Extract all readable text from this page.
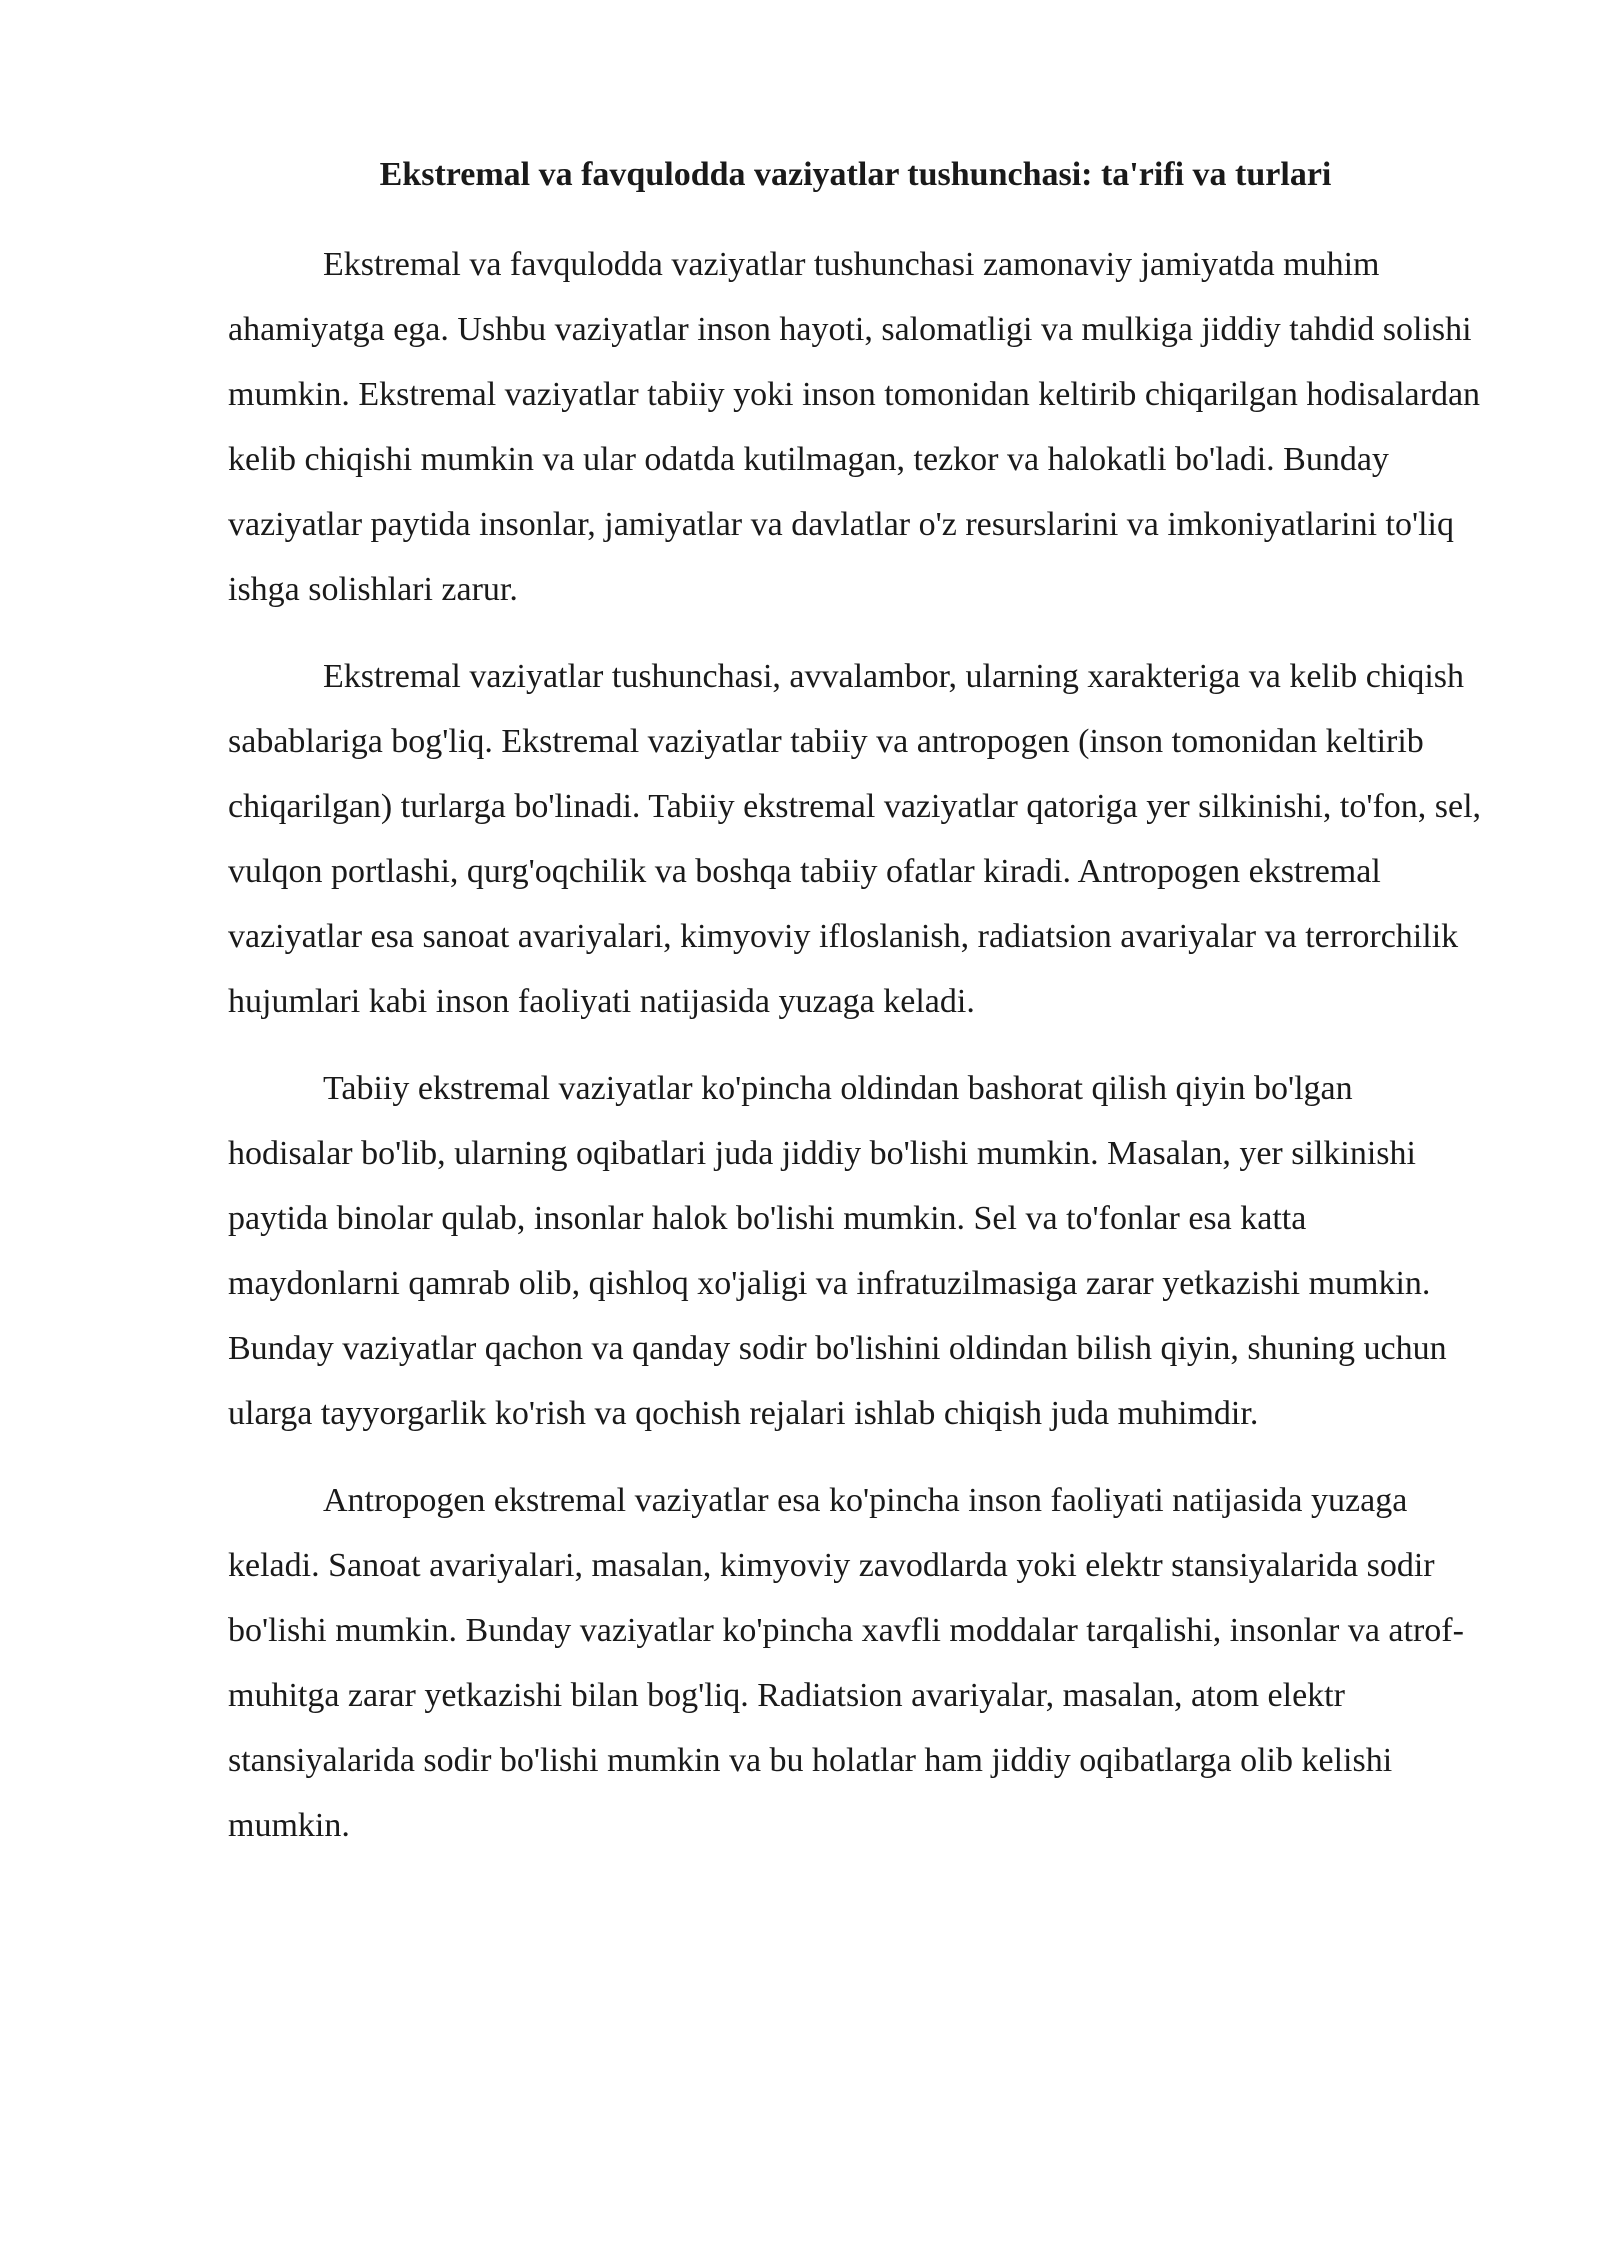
Ekstremal va favqulodda vaziyatlar tushunchasi: ta'rifi va turlari

Ekstremal va favqulodda vaziyatlar tushunchasi zamonaviy jamiyatda muhim ahamiyatga ega. Ushbu vaziyatlar inson hayoti, salomatligi va mulkiga jiddiy tahdid solishi mumkin. Ekstremal vaziyatlar tabiiy yoki inson tomonidan keltirib chiqarilgan hodisalardan kelib chiqishi mumkin va ular odatda kutilmagan, tezkor va halokatli bo'ladi. Bunday vaziyatlar paytida insonlar, jamiyatlar va davlatlar o'z resurslarini va imkoniyatlarini to'liq ishga solishlari zarur.

Ekstremal vaziyatlar tushunchasi, avvalambor, ularning xarakteriga va kelib chiqish sabablariga bog'liq. Ekstremal vaziyatlar tabiiy va antropogen (inson tomonidan keltirib chiqarilgan) turlarga bo'linadi. Tabiiy ekstremal vaziyatlar qatoriga yer silkinishi, to'fon, sel, vulqon portlashi, qurg'oqchilik va boshqa tabiiy ofatlar kiradi. Antropogen ekstremal vaziyatlar esa sanoat avariyalari, kimyoviy ifloslanish, radiatsion avariyalar va terrorchilik hujumlari kabi inson faoliyati natijasida yuzaga keladi.

Tabiiy ekstremal vaziyatlar ko'pincha oldindan bashorat qilish qiyin bo'lgan hodisalar bo'lib, ularning oqibatlari juda jiddiy bo'lishi mumkin. Masalan, yer silkinishi paytida binolar qulab, insonlar halok bo'lishi mumkin. Sel va to'fonlar esa katta maydonlarni qamrab olib, qishloq xo'jaligi va infratuzilmasiga zarar yetkazishi mumkin. Bunday vaziyatlar qachon va qanday sodir bo'lishini oldindan bilish qiyin, shuning uchun ularga tayyorgarlik ko'rish va qochish rejalari ishlab chiqish juda muhimdir.

Antropogen ekstremal vaziyatlar esa ko'pincha inson faoliyati natijasida yuzaga keladi. Sanoat avariyalari, masalan, kimyoviy zavodlarda yoki elektr stansiyalarida sodir bo'lishi mumkin. Bunday vaziyatlar ko'pincha xavfli moddalar tarqalishi, insonlar va atrof-muhitga zarar yetkazishi bilan bog'liq. Radiatsion avariyalar, masalan, atom elektr stansiyalarida sodir bo'lishi mumkin va bu holatlar ham jiddiy oqibatlarga olib kelishi mumkin.
